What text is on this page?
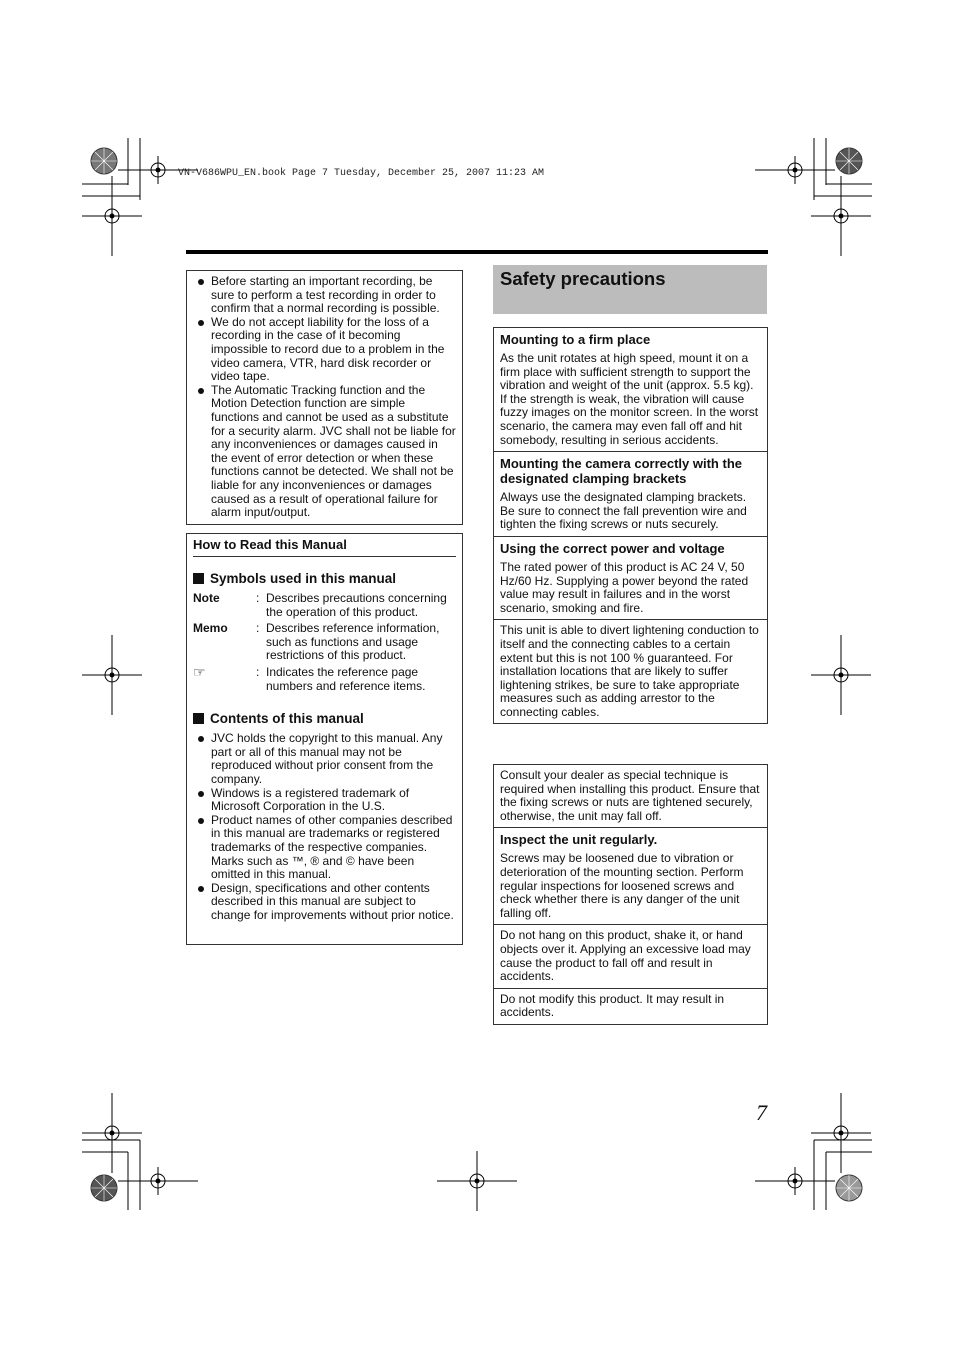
VN-V686WPU_EN.book Page 7 Tuesday, December 25, 2007 11:23 AM
Before starting an important recording, be sure to perform a test recording in order to confirm that a normal recording is possible.
We do not accept liability for the loss of a recording in the case of it becoming impossible to record due to a problem in the video camera, VTR, hard disk recorder or video tape.
The Automatic Tracking function and the Motion Detection function are simple functions and cannot be used as a substitute for a security alarm. JVC shall not be liable for any inconveniences or damages caused in the event of error detection or when these functions cannot be detected. We shall not be liable for any inconveniences or damages caused as a result of operational failure for alarm input/output.
How to Read this Manual
Symbols used in this manual
Note	: Describes precautions concerning the operation of this product.
Memo	: Describes reference information, such as functions and usage restrictions of this product.
☞	: Indicates the reference page numbers and reference items.
Contents of this manual
JVC holds the copyright to this manual. Any part or all of this manual may not be reproduced without prior consent from the company.
Windows is a registered trademark of Microsoft Corporation in the U.S.
Product names of other companies described in this manual are trademarks or registered trademarks of the respective companies. Marks such as ™, ® and © have been omitted in this manual.
Design, specifications and other contents described in this manual are subject to change for improvements without prior notice.
Safety precautions
Mounting to a firm place

As the unit rotates at high speed, mount it on a firm place with sufficient strength to support the vibration and weight of the unit (approx. 5.5 kg).
If the strength is weak, the vibration will cause fuzzy images on the monitor screen. In the worst scenario, the camera may even fall off and hit somebody, resulting in serious accidents.

Mounting the camera correctly with the designated clamping brackets

Always use the designated clamping brackets. Be sure to connect the fall prevention wire and tighten the fixing screws or nuts securely.

Using the correct power and voltage

The rated power of this product is AC 24 V, 50 Hz/60 Hz. Supplying a power beyond the rated value may result in failures and in the worst scenario, smoking and fire.

This unit is able to divert lightening conduction to itself and the connecting cables to a certain extent but this is not 100 % guaranteed. For installation locations that are likely to suffer lightening strikes, be sure to take appropriate measures such as adding arrestor to the connecting cables.

Consult your dealer as special technique is required when installing this product. Ensure that the fixing screws or nuts are tightened securely, otherwise, the unit may fall off.

Inspect the unit regularly.

Screws may be loosened due to vibration or deterioration of the mounting section. Perform regular inspections for loosened screws and check whether there is any danger of the unit falling off.

Do not hang on this product, shake it, or hand objects over it. Applying an excessive load may cause the product to fall off and result in accidents.

Do not modify this product. It may result in accidents.

7
